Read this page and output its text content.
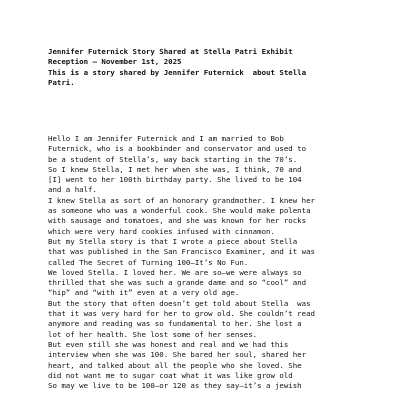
Jennifer Futernick Story Shared at Stella Patri Exhibit
Reception — November 1st, 2025
This is a story shared by Jennifer Futernick  about Stella
Patri.
Hello I am Jennifer Futernick and I am married to Bob
Futernick, who is a bookbinder and conservator and used to
be a student of Stella’s, way back starting in the 70’s.
So I knew Stella, I met her when she was, I think, 70 and
[I] went to her 100th birthday party. She lived to be 104
and a half.
I knew Stella as sort of an honorary grandmother. I knew her
as someone who was a wonderful cook. She would make polenta
with sausage and tomatoes, and she was known for her rocks
which were very hard cookies infused with cinnamon.
But my Stella story is that I wrote a piece about Stella
that was published in the San Francisco Examiner, and it was
called The Secret of Turning 100—It’s No Fun.
We loved Stella. I loved her. We are so—we were always so
thrilled that she was such a grande dame and so “cool” and
“hip” and “with it” even at a very old age.
But the story that often doesn’t get told about Stella  was
that it was very hard for her to grow old. She couldn’t read
anymore and reading was so fundamental to her. She lost a
lot of her health. She lost some of her senses.
But even still she was honest and real and we had this
interview when she was 100. She bared her soul, shared her
heart, and talked about all the people who she loved. She
did not want me to sugar coat what it was like grow old
So may we live to be 100—or 120 as they say—it’s a jewish
